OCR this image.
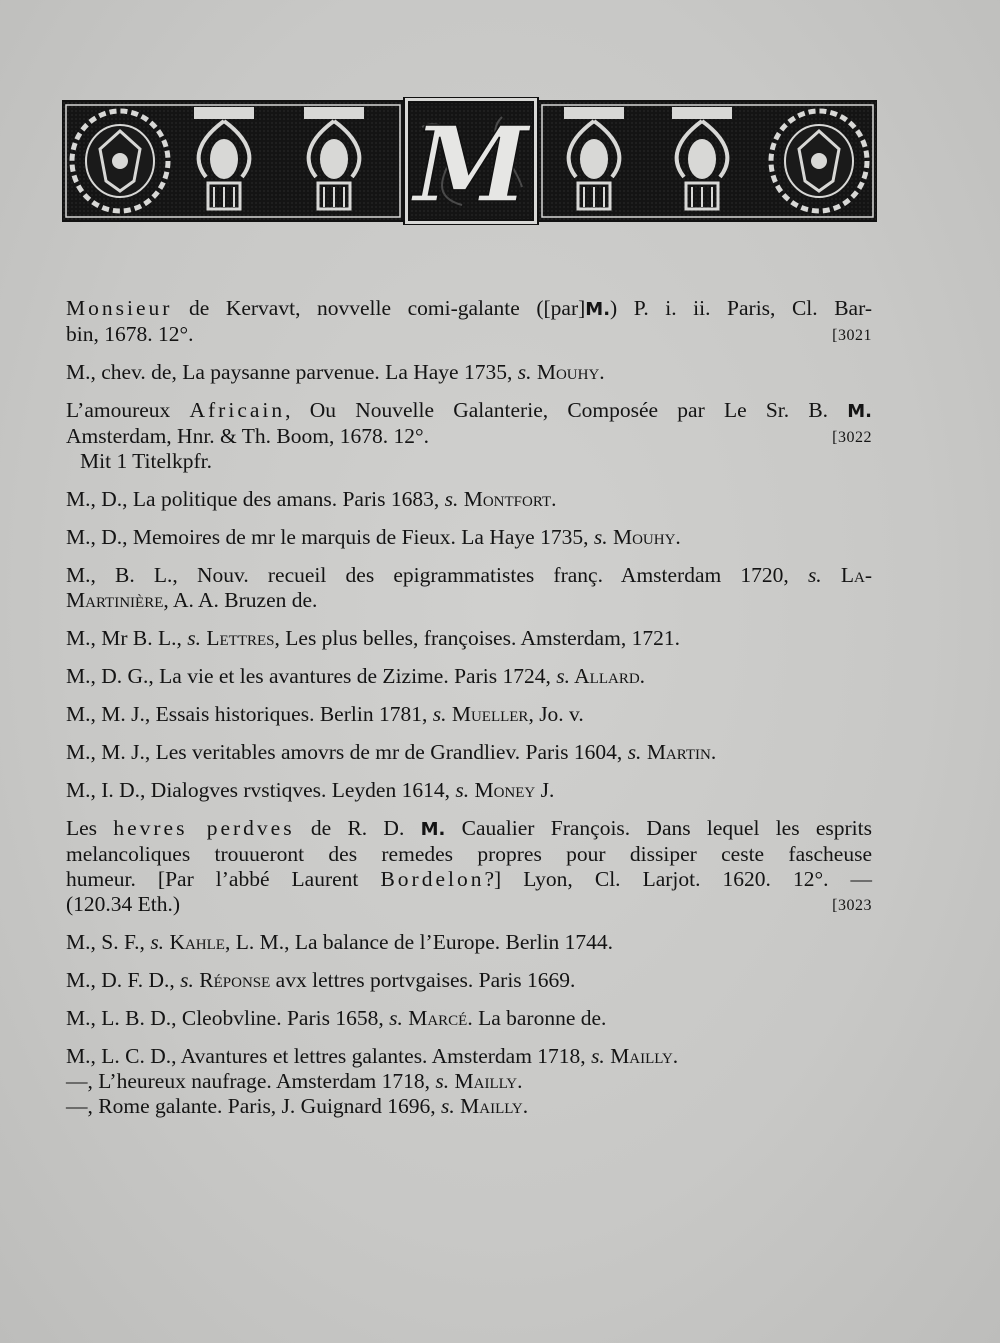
M
Monsieur de Kervavt, novvelle comi-galante ([par]M.) P. i. ii. Paris, Cl. Bar-
bin, 1678. 12°.	[3021
M., chev. de, La paysanne parvenue. La Haye 1735, s. Mouhy.
L’amoureux Africain, Ou Nouvelle Galanterie, Composée par Le Sr. B. M.
Amsterdam, Hnr. & Th. Boom, 1678. 12°.	[3022
Mit 1 Titelkpfr.
M., D., La politique des amans. Paris 1683, s. Montfort.
M., D., Memoires de mr le marquis de Fieux. La Haye 1735, s. Mouhy.
M., B. L., Nouv. recueil des epigrammatistes franç. Amsterdam 1720, s. La-
Martinière, A. A. Bruzen de.
M., Mr B. L., s. Lettres, Les plus belles, françoises. Amsterdam, 1721.
M., D. G., La vie et les avantures de Zizime. Paris 1724, s. Allard.
M., M. J., Essais historiques. Berlin 1781, s. Mueller, Jo. v.
M., M. J., Les veritables amovrs de mr de Grandliev. Paris 1604, s. Martin.
M., I. D., Dialogves rvstiqves. Leyden 1614, s. Money J.
Les hevres perdves de R. D. M. Caualier François. Dans lequel les esprits
melancoliques trouueront des remedes propres pour dissiper ceste fascheuse
humeur. [Par l’abbé Laurent Bordelon?] Lyon, Cl. Larjot. 1620. 12°. —
(120.34 Eth.)	[3023
M., S. F., s. Kahle, L. M., La balance de l’Europe. Berlin 1744.
M., D. F. D., s. Réponse avx lettres portvgaises. Paris 1669.
M., L. B. D., Cleobvline. Paris 1658, s. Marcé. La baronne de.
M., L. C. D., Avantures et lettres galantes. Amsterdam 1718, s. Mailly.
—, L’heureux naufrage. Amsterdam 1718, s. Mailly.
—, Rome galante. Paris, J. Guignard 1696, s. Mailly.
